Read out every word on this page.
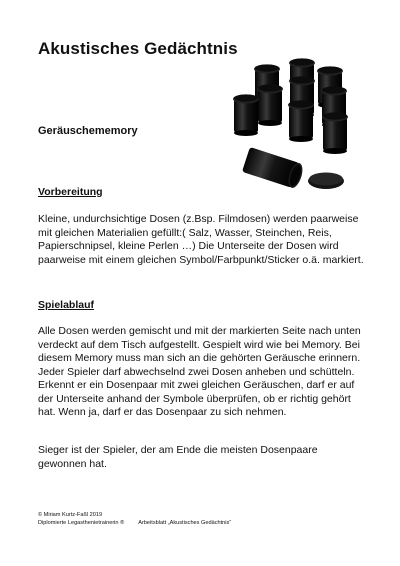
Akustisches Gedächtnis
Geräuschememory
Vorbereitung

Kleine, undurchsichtige Dosen (z.Bsp. Filmdosen) werden paarweise mit gleichen Materialien gefüllt:( Salz, Wasser, Steinchen, Reis, Papierschnipsel, kleine Perlen …) Die Unterseite der Dosen wird paarweise mit einem gleichen Symbol/Farbpunkt/Sticker o.ä. markiert.

Spielablauf

Alle Dosen werden gemischt und mit der markierten Seite nach unten verdeckt auf dem Tisch aufgestellt. Gespielt wird wie bei Memory. Bei diesem Memory muss man sich an die gehörten Geräusche erinnern. Jeder Spieler darf abwechselnd zwei Dosen anheben und schütteln. Erkennt er ein Dosenpaar mit zwei gleichen Geräuschen, darf er auf der Unterseite anhand der Symbole überprüfen, ob er richtig gehört hat. Wenn ja, darf er das Dosenpaar zu sich nehmen.

Sieger ist der Spieler, der am Ende die meisten Dosenpaare gewonnen hat.

© Miriam Kurtz-Faßl 2019

Diplomierte Legasthenietrainerin ®	Arbeitsblatt „Akustisches Gedächtnis“
